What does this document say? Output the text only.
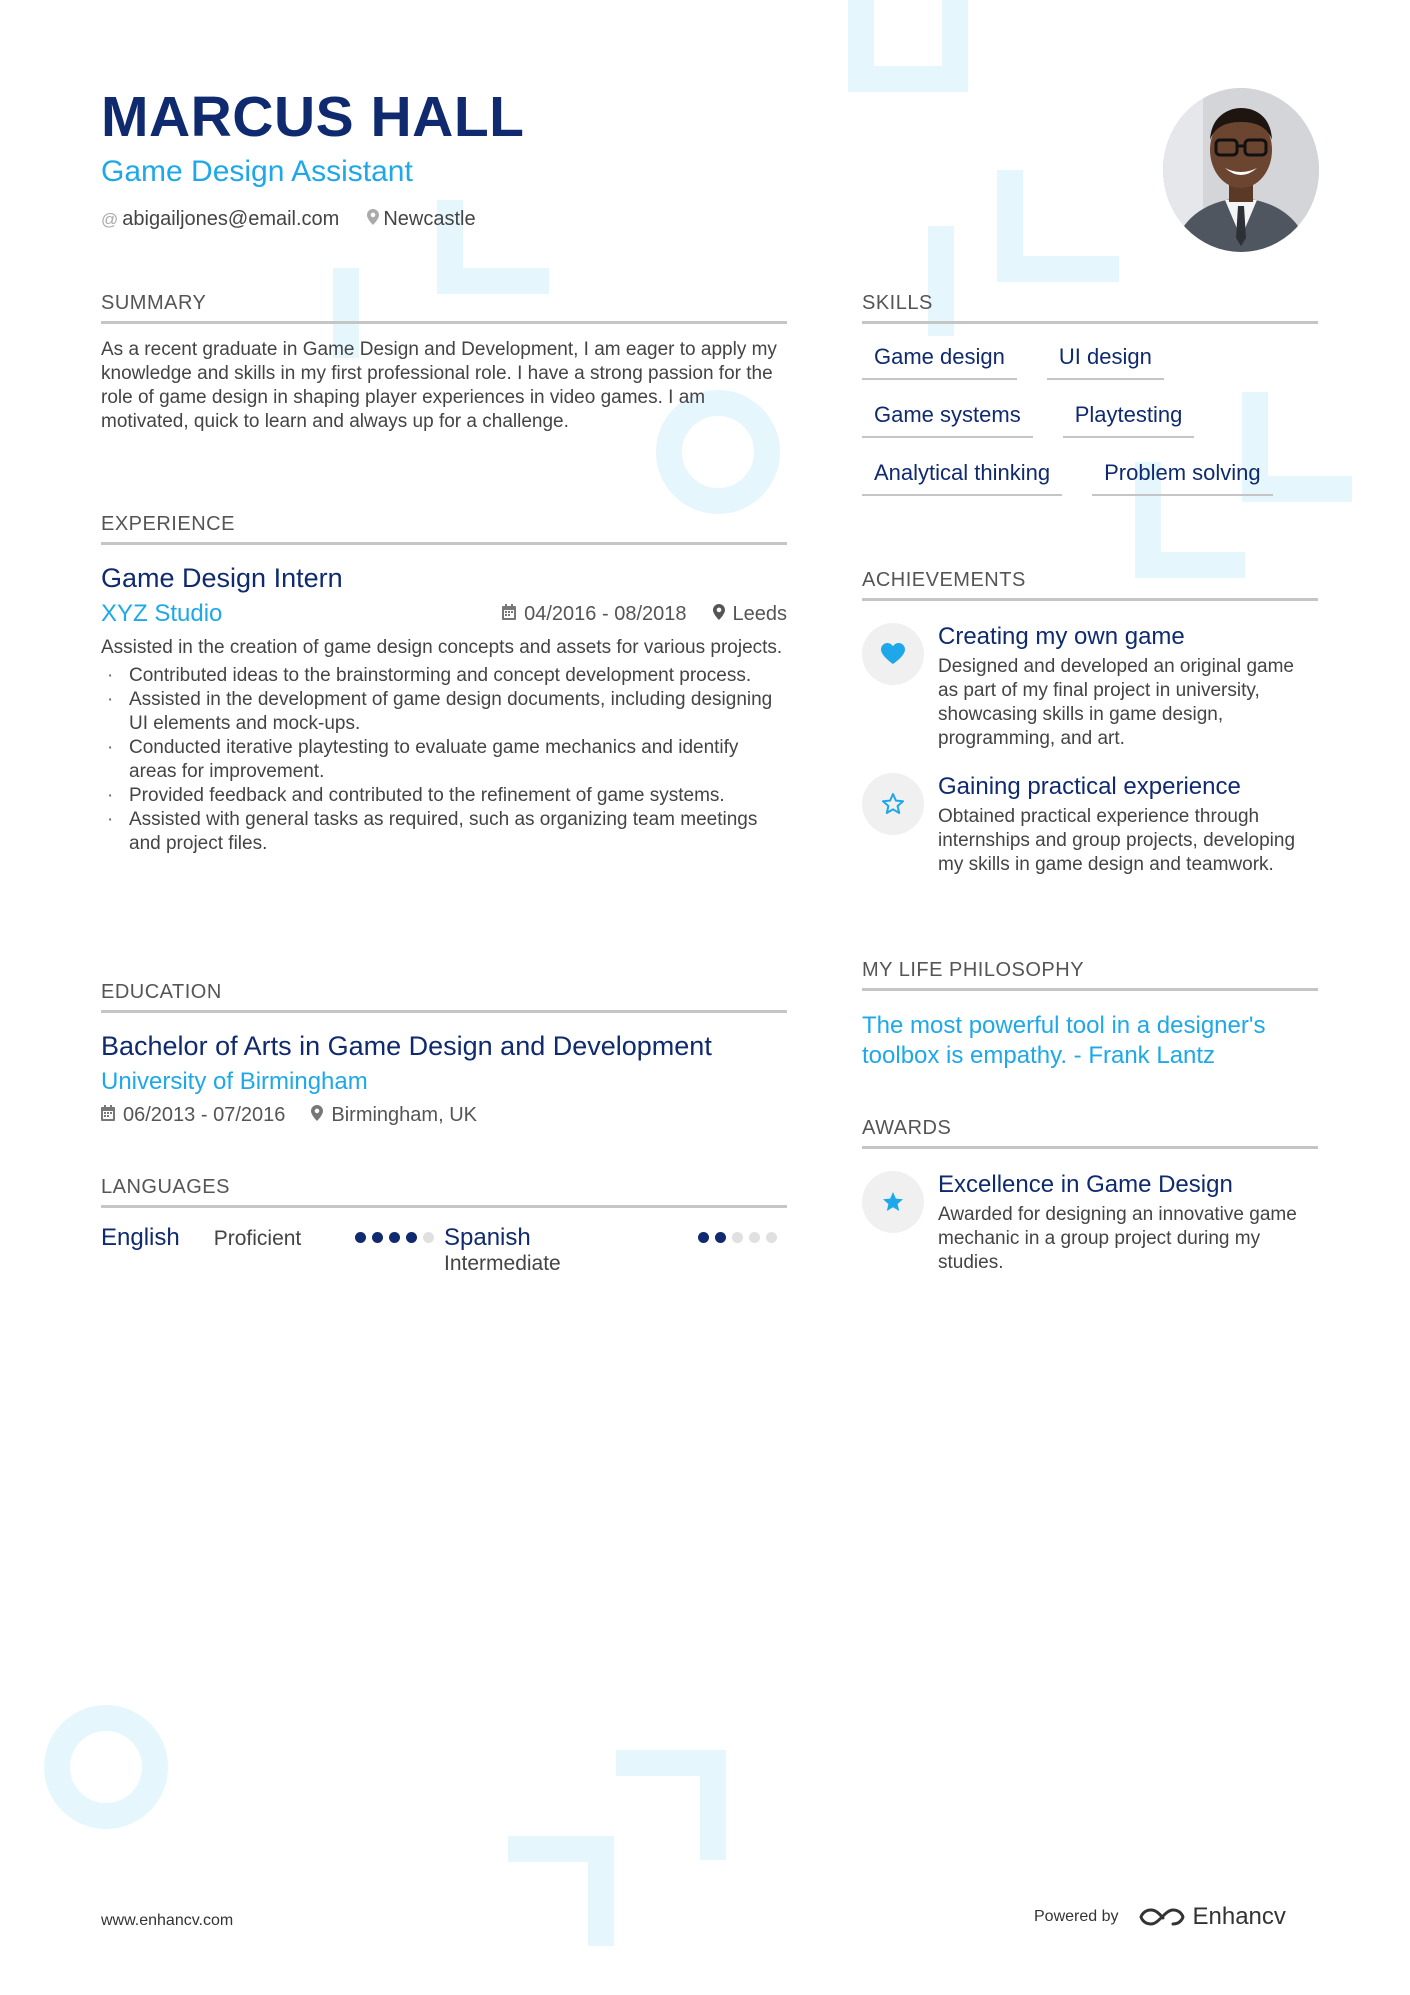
MARCUS HALL
Game Design Assistant
@ abigailjones@email.com Newcastle
SUMMARY
As a recent graduate in Game Design and Development, I am eager to apply my knowledge and skills in my first professional role. I have a strong passion for the role of game design in shaping player experiences in video games. I am motivated, quick to learn and always up for a challenge.
EXPERIENCE
Game Design Intern
XYZ Studio	04/2016 - 08/2018 Leeds
Assisted in the creation of game design concepts and assets for various projects.
· Contributed ideas to the brainstorming and concept development process.
· Assisted in the development of game design documents, including designing UI elements and mock-ups.
· Conducted iterative playtesting to evaluate game mechanics and identify areas for improvement.
· Provided feedback and contributed to the refinement of game systems.
· Assisted with general tasks as required, such as organizing team meetings and project files.
EDUCATION
Bachelor of Arts in Game Design and Development
University of Birmingham
06/2013 - 07/2016 Birmingham, UK
LANGUAGES
English Proficient	Spanish
Intermediate
SKILLS
Game design	UI design
Game systems	Playtesting
Analytical thinking	Problem solving
ACHIEVEMENTS
Creating my own game
Designed and developed an original game as part of my final project in university, showcasing skills in game design, programming, and art.
Gaining practical experience
Obtained practical experience through internships and group projects, developing my skills in game design and teamwork.
MY LIFE PHILOSOPHY
The most powerful tool in a designer's toolbox is empathy. - Frank Lantz
AWARDS
Excellence in Game Design
Awarded for designing an innovative game mechanic in a group project during my studies.
www.enhancv.com	Powered by	Enhancv
